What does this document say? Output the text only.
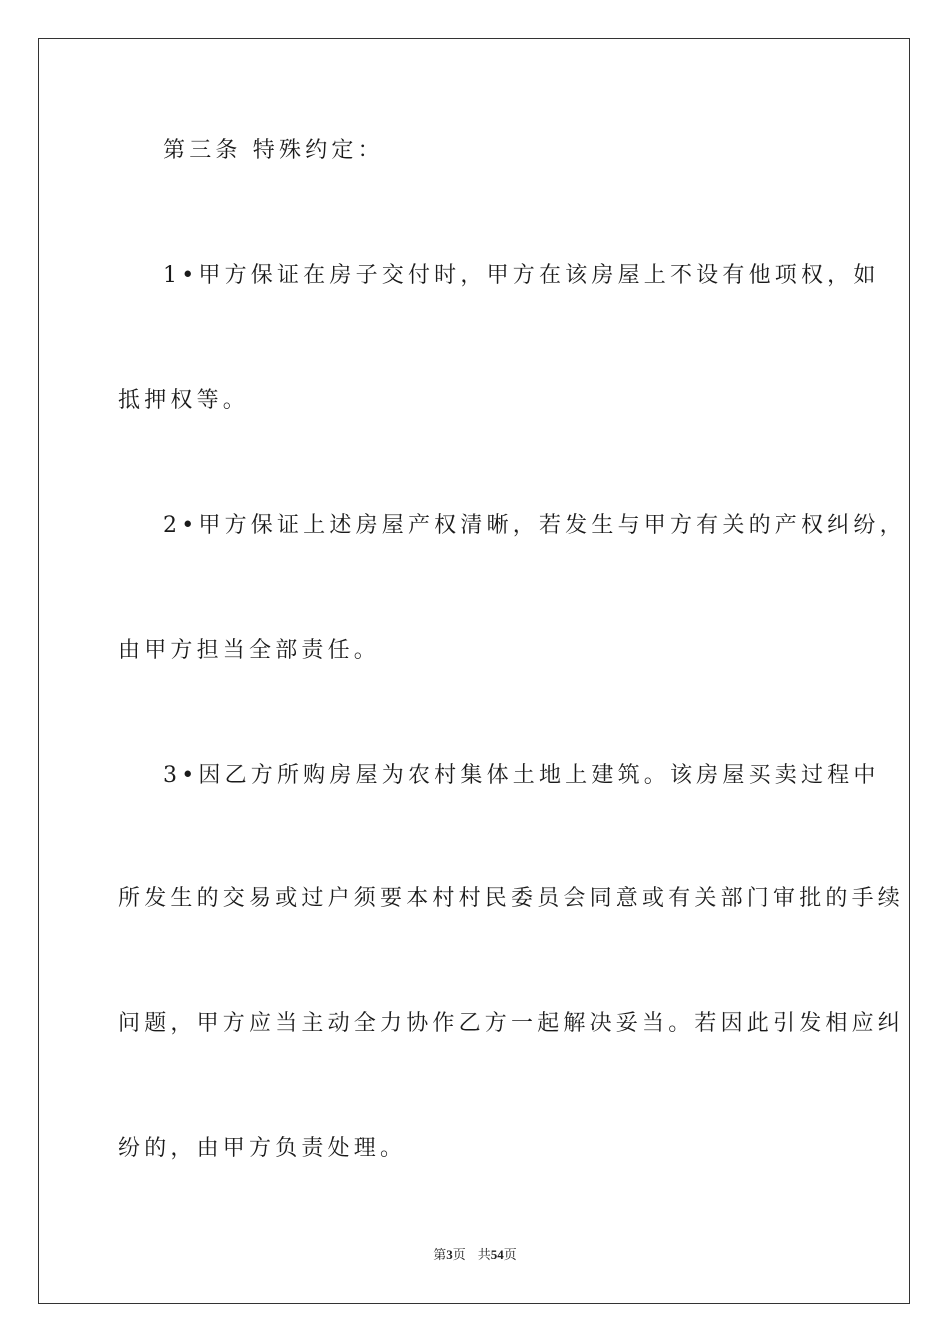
第三条 特殊约定：
1•甲方保证在房子交付时，甲方在该房屋上不设有他项权，如
抵押权等。
2•甲方保证上述房屋产权清晰，若发生与甲方有关的产权纠纷，
由甲方担当全部责任。
3•因乙方所购房屋为农村集体土地上建筑。该房屋买卖过程中
所发生的交易或过户须要本村村民委员会同意或有关部门审批的手续
问题，甲方应当主动全力协作乙方一起解决妥当。若因此引发相应纠
纷的，由甲方负责处理。
第3页 共54页
